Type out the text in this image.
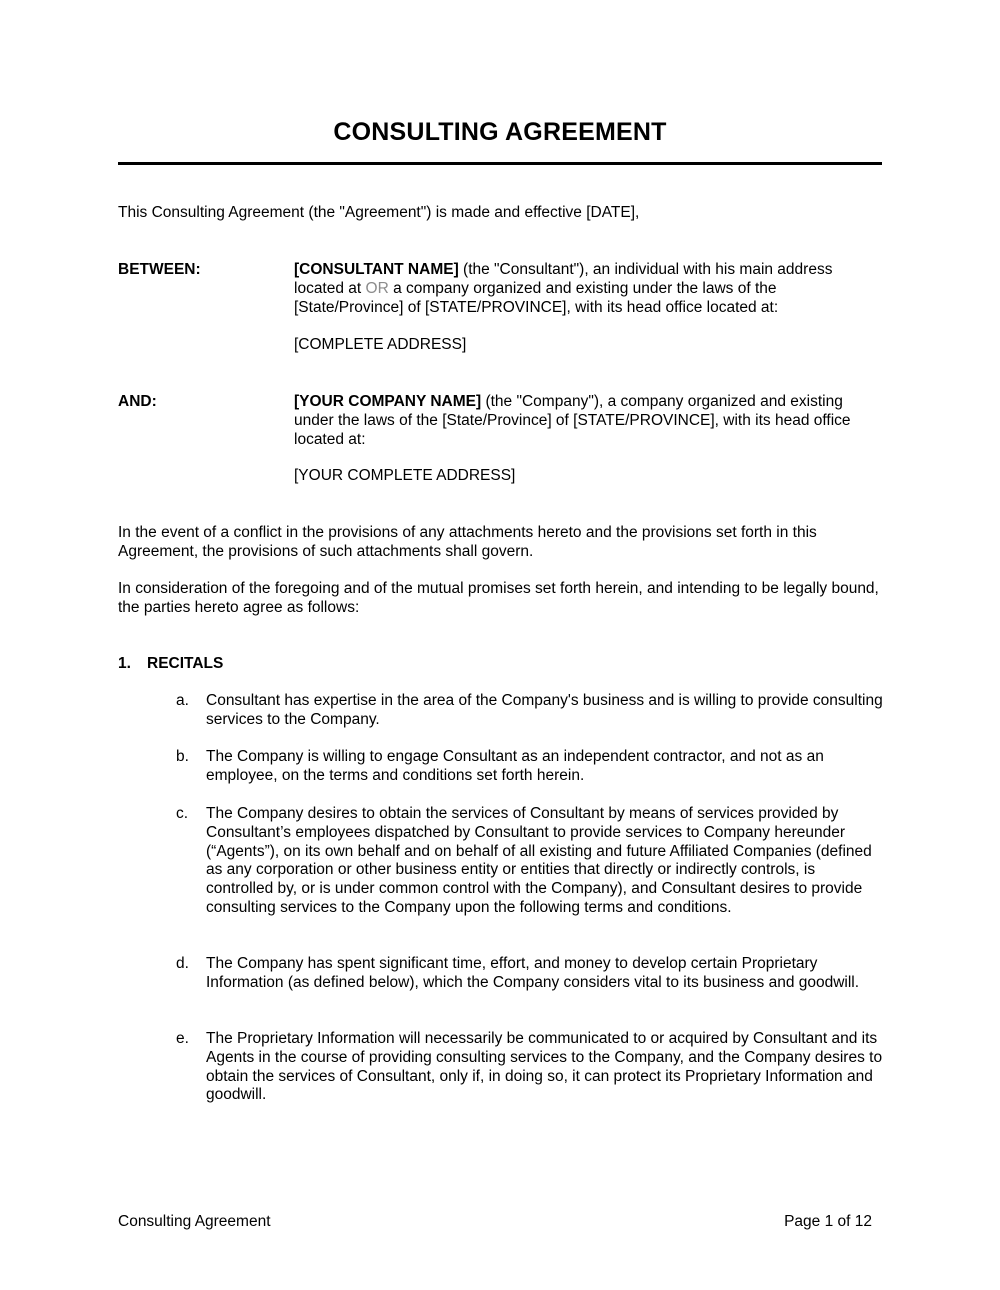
CONSULTING AGREEMENT

This Consulting Agreement (the "Agreement") is made and effective [DATE],

BETWEEN:	[CONSULTANT NAME] (the "Consultant"), an individual with his main address located at OR a company organized and existing under the laws of the [State/Province] of [STATE/PROVINCE], with its head office located at:
[COMPLETE ADDRESS]
AND:	[YOUR COMPANY NAME] (the "Company"), a company organized and existing under the laws of the [State/Province] of [STATE/PROVINCE], with its head office located at:
[YOUR COMPLETE ADDRESS]

In the event of a conflict in the provisions of any attachments hereto and the provisions set forth in this Agreement, the provisions of such attachments shall govern.

In consideration of the foregoing and of the mutual promises set forth herein, and intending to be legally bound, the parties hereto agree as follows:

1. RECITALS
a. Consultant has expertise in the area of the Company's business and is willing to provide consulting services to the Company.
b. The Company is willing to engage Consultant as an independent contractor, and not as an employee, on the terms and conditions set forth herein.
c. The Company desires to obtain the services of Consultant by means of services provided by Consultant’s employees dispatched by Consultant to provide services to Company hereunder (“Agents”), on its own behalf and on behalf of all existing and future Affiliated Companies (defined as any corporation or other business entity or entities that directly or indirectly controls, is controlled by, or is under common control with the Company), and Consultant desires to provide consulting services to the Company upon the following terms and conditions.
d. The Company has spent significant time, effort, and money to develop certain Proprietary Information (as defined below), which the Company considers vital to its business and goodwill.
e. The Proprietary Information will necessarily be communicated to or acquired by Consultant and its Agents in the course of providing consulting services to the Company, and the Company desires to obtain the services of Consultant, only if, in doing so, it can protect its Proprietary Information and goodwill.
Consulting Agreement	Page 1 of 12
